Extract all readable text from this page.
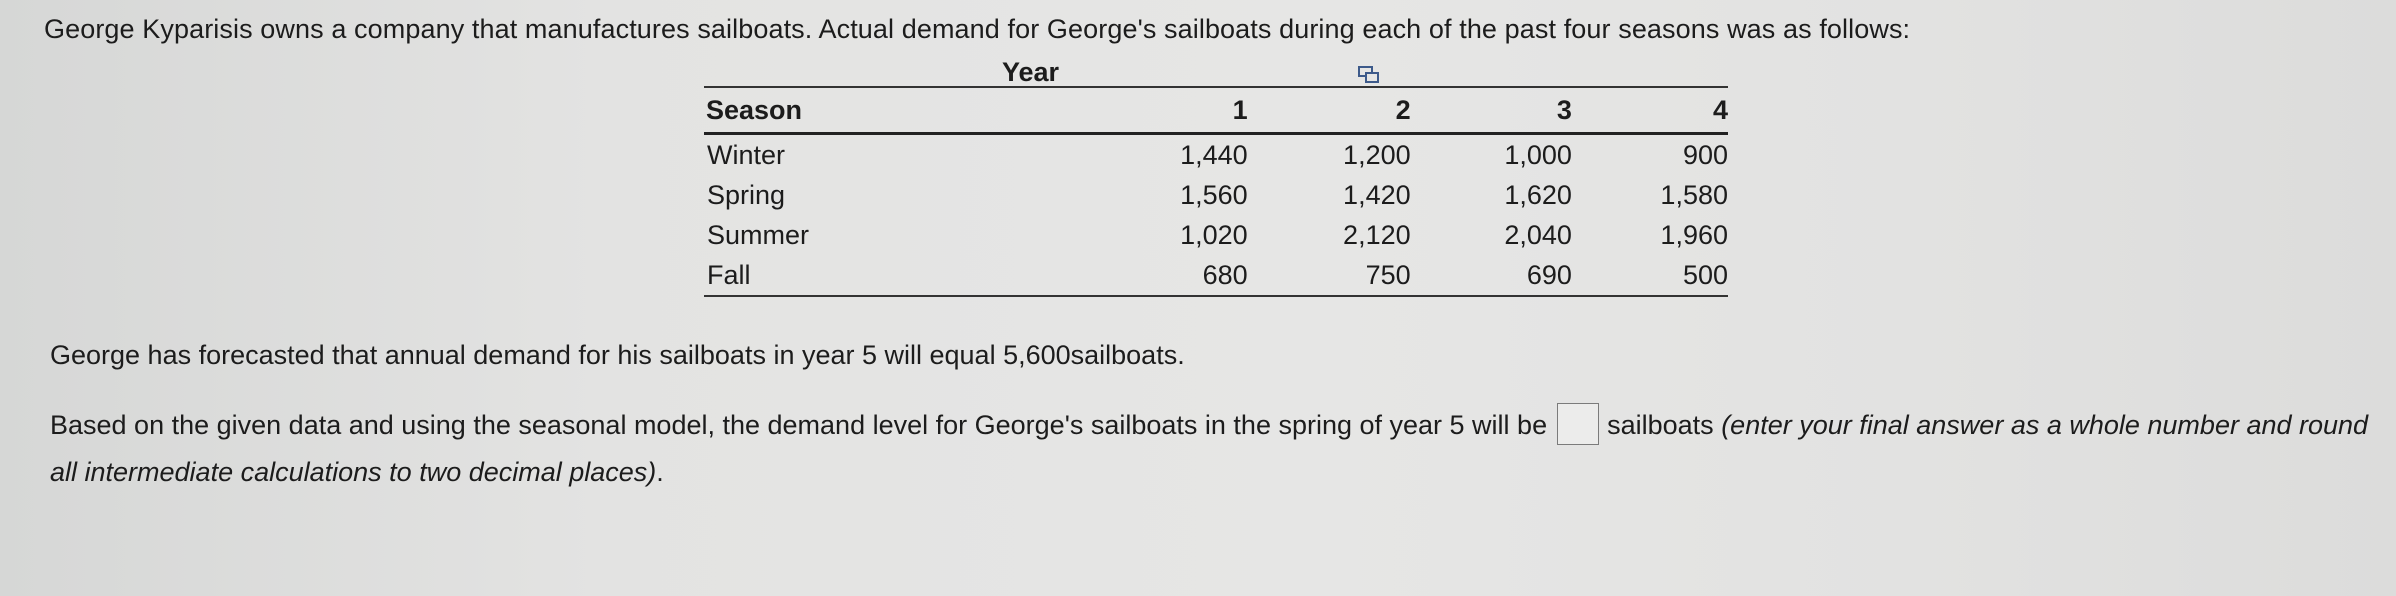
George Kyparisis owns a company that manufactures sailboats. Actual demand for George's sailboats during each of the past four seasons was as follows:
Year
Season	1	2	3	4
Winter	1,440	1,200	1,000	900
Spring	1,560	1,420	1,620	1,580
Summer	1,020	2,120	2,040	1,960
Fall	680	750	690	500
George has forecasted that annual demand for his sailboats in year 5 will equal 5,600sailboats.
Based on the given data and using the seasonal model, the demand level for George's sailboats in the spring of year 5 will be sailboats (enter your final answer as a whole number and round all intermediate calculations to two decimal places).
